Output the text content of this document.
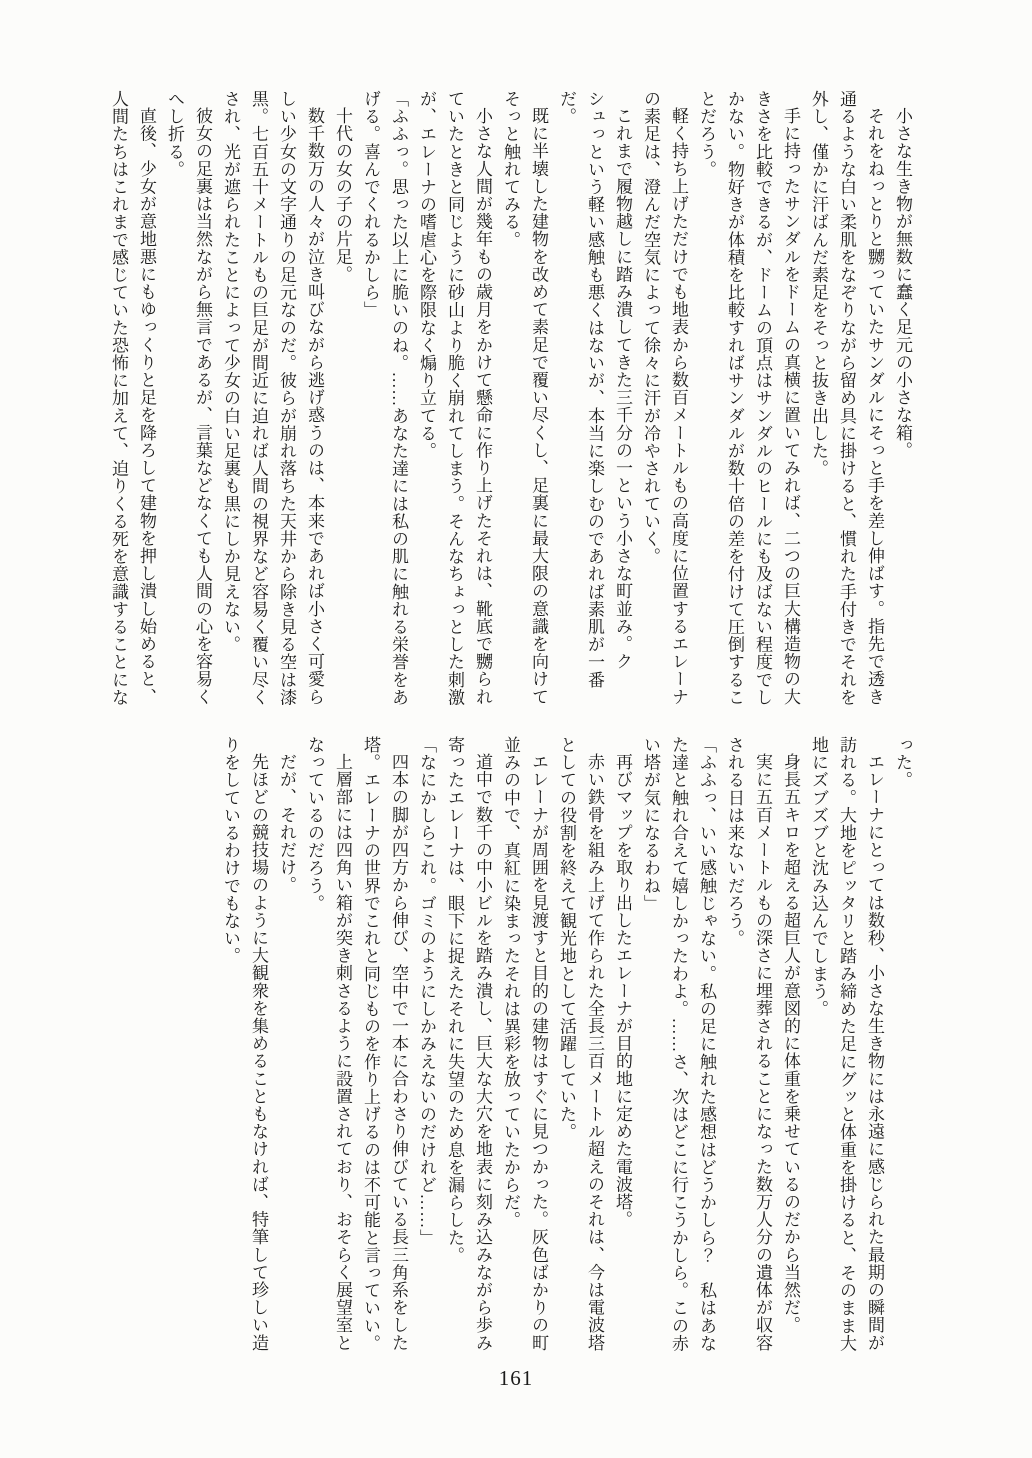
小さな生き物が無数に蠢く足元の小さな箱。

それをねっとりと嬲っていたサンダルにそっと手を差し伸ばす。指先で透き通るような白い柔肌をなぞりながら留め具に掛けると、慣れた手付きでそれを外し、僅かに汗ばんだ素足をそっと抜き出した。

手に持ったサンダルをドームの真横に置いてみれば、二つの巨大構造物の大きさを比較できるが、ドームの頂点はサンダルのヒールにも及ばない程度でしかない。物好きが体積を比較すればサンダルが数十倍の差を付けて圧倒することだろう。

軽く持ち上げただけでも地表から数百メートルもの高度に位置するエレーナの素足は、澄んだ空気によって徐々に汗が冷やされていく。

これまで履物越しに踏み潰してきた三千分の一という小さな町並み。クシュっという軽い感触も悪くはないが、本当に楽しむのであれば素肌が一番だ。

既に半壊した建物を改めて素足で覆い尽くし、足裏に最大限の意識を向けてそっと触れてみる。

小さな人間が幾年もの歳月をかけて懸命に作り上げたそれは、靴底で嬲られていたときと同じように砂山より脆く崩れてしまう。そんなちょっとした刺激が、エレーナの嗜虐心を際限なく煽り立てる。

「ふふっ。思った以上に脆いのね。……あなた達には私の肌に触れる栄誉をあげる。喜んでくれるかしら」

十代の女の子の片足。

数千数万の人々が泣き叫びながら逃げ惑うのは、本来であれば小さく可愛らしい少女の文字通りの足元なのだ。彼らが崩れ落ちた天井から除き見る空は漆黒。七百五十メートルもの巨足が間近に迫れば人間の視界など容易く覆い尽くされ、光が遮られたことによって少女の白い足裏も黒にしか見えない。

彼女の足裏は当然ながら無言であるが、言葉などなくても人間の心を容易くへし折る。

直後、少女が意地悪にもゆっくりと足を降ろして建物を押し潰し始めると、人間たちはこれまで感じていた恐怖に加えて、迫りくる死を意識することにな

った。

エレーナにとっては数秒、小さな生き物には永遠に感じられた最期の瞬間が訪れる。大地をピッタリと踏み締めた足にグッと体重を掛けると、そのまま大地にズブズブと沈み込んでしまう。

身長五キロを超える超巨人が意図的に体重を乗せているのだから当然だ。

実に五百メートルもの深さに埋葬されることになった数万人分の遺体が収容される日は来ないだろう。

「ふふっ、いい感触じゃない。私の足に触れた感想はどうかしら？　私はあなた達と触れ合えて嬉しかったわよ。……さ、次はどこに行こうかしら。この赤い塔が気になるわね」

再びマップを取り出したエレーナが目的地に定めた電波塔。

赤い鉄骨を組み上げて作られた全長三百メートル超えのそれは、今は電波塔としての役割を終えて観光地として活躍していた。

エレーナが周囲を見渡すと目的の建物はすぐに見つかった。灰色ばかりの町並みの中で、真紅に染まったそれは異彩を放っていたからだ。

道中で数千の中小ビルを踏み潰し、巨大な大穴を地表に刻み込みながら歩み寄ったエレーナは、眼下に捉えたそれに失望のため息を漏らした。

「なにかしらこれ。ゴミのようにしかみえないのだけれど……」

四本の脚が四方から伸び、空中で一本に合わさり伸びている長三角系をした塔。エレーナの世界でこれと同じものを作り上げるのは不可能と言っていい。

上層部には四角い箱が突き刺さるように設置されており、おそらく展望室となっているのだろう。

だが、それだけ。

先ほどの競技場のように大観衆を集めることもなければ、特筆して珍しい造りをしているわけでもない。

161
